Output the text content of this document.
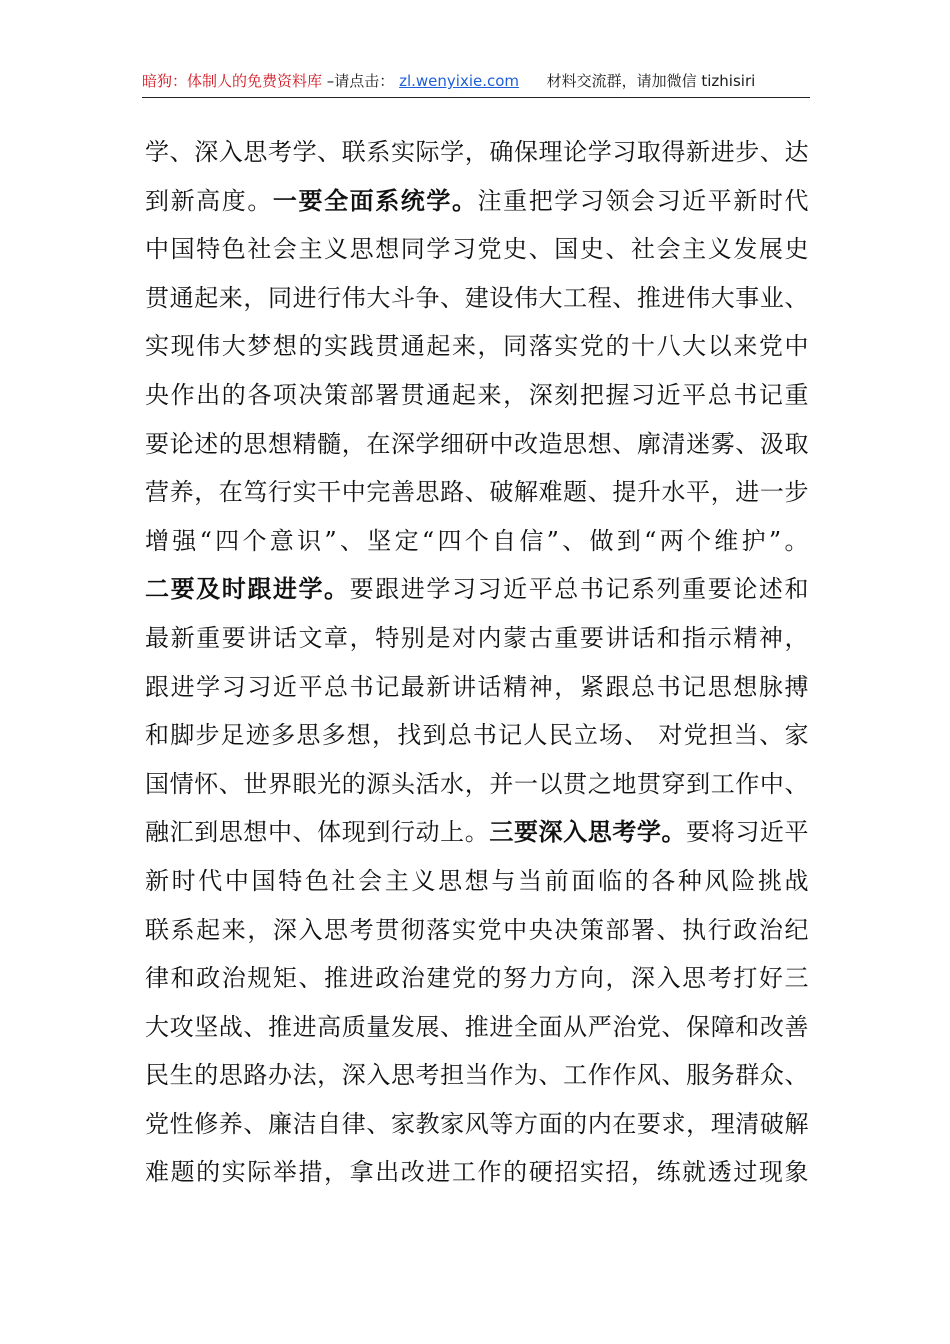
暗狗：体制人的免费资料库 –请点击： zl.wenyixie.com 材料交流群，请加微信 tizhisiri
学、深入思考学、联系实际学，确保理论学习取得新进步、达
到新高度。一要全面系统学。注重把学习领会习近平新时代
中国特色社会主义思想同学习党史、国史、社会主义发展史
贯通起来，同进行伟大斗争、建设伟大工程、推进伟大事业、
实现伟大梦想的实践贯通起来，同落实党的十八大以来党中
央作出的各项决策部署贯通起来，深刻把握习近平总书记重
要论述的思想精髓，在深学细研中改造思想、廓清迷雾、汲取
营养，在笃行实干中完善思路、破解难题、提升水平，进一步
增强“四个意识”、坚定“四个自信”、做到“两个维护”。
二要及时跟进学。要跟进学习习近平总书记系列重要论述和
最新重要讲话文章，特别是对内蒙古重要讲话和指示精神，
跟进学习习近平总书记最新讲话精神，紧跟总书记思想脉搏
和脚步足迹多思多想，找到总书记人民立场、 对党担当、家
国情怀、世界眼光的源头活水，并一以贯之地贯穿到工作中、
融汇到思想中、体现到行动上。三要深入思考学。要将习近平
新时代中国特色社会主义思想与当前面临的各种风险挑战
联系起来，深入思考贯彻落实党中央决策部署、执行政治纪
律和政治规矩、推进政治建党的努力方向，深入思考打好三
大攻坚战、推进高质量发展、推进全面从严治党、保障和改善
民生的思路办法，深入思考担当作为、工作作风、服务群众、
党性修养、廉洁自律、家教家风等方面的内在要求，理清破解
难题的实际举措，拿出改进工作的硬招实招，练就透过现象
